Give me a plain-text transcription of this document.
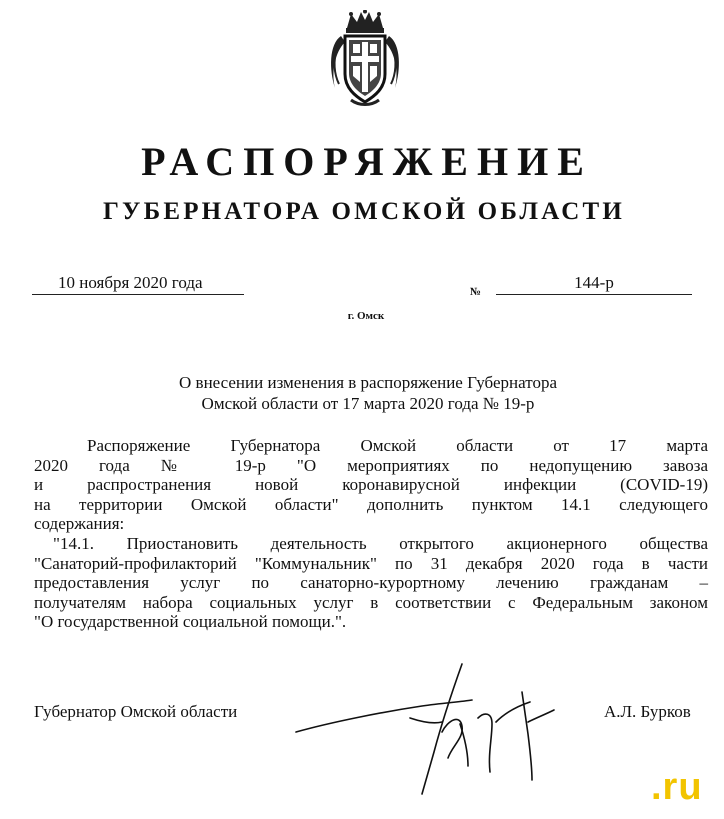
РАСПОРЯЖЕНИЕ
ГУБЕРНАТОРА ОМСКОЙ ОБЛАСТИ
10 ноября 2020 года	№	144-р
г. Омск
О внесении изменения в распоряжение Губернатора
Омской области от 17 марта 2020 года № 19-р
Распоряжение Губернатора Омской области от 17 марта
2020 года № 19-р "О мероприятиях по недопущению завоза
и распространения новой коронавирусной инфекции (COVID-19)
на территории Омской области" дополнить пунктом 14.1 следующего
содержания:
"14.1. Приостановить деятельность открытого акционерного общества
"Санаторий-профилакторий "Коммунальник" по 31 декабря 2020 года в части
предоставления услуг по санаторно-курортному лечению гражданам –
получателям набора социальных услуг в соответствии с Федеральным законом
"О государственной социальной помощи.".
Губернатор Омской области	А.Л. Бурков
.ru
